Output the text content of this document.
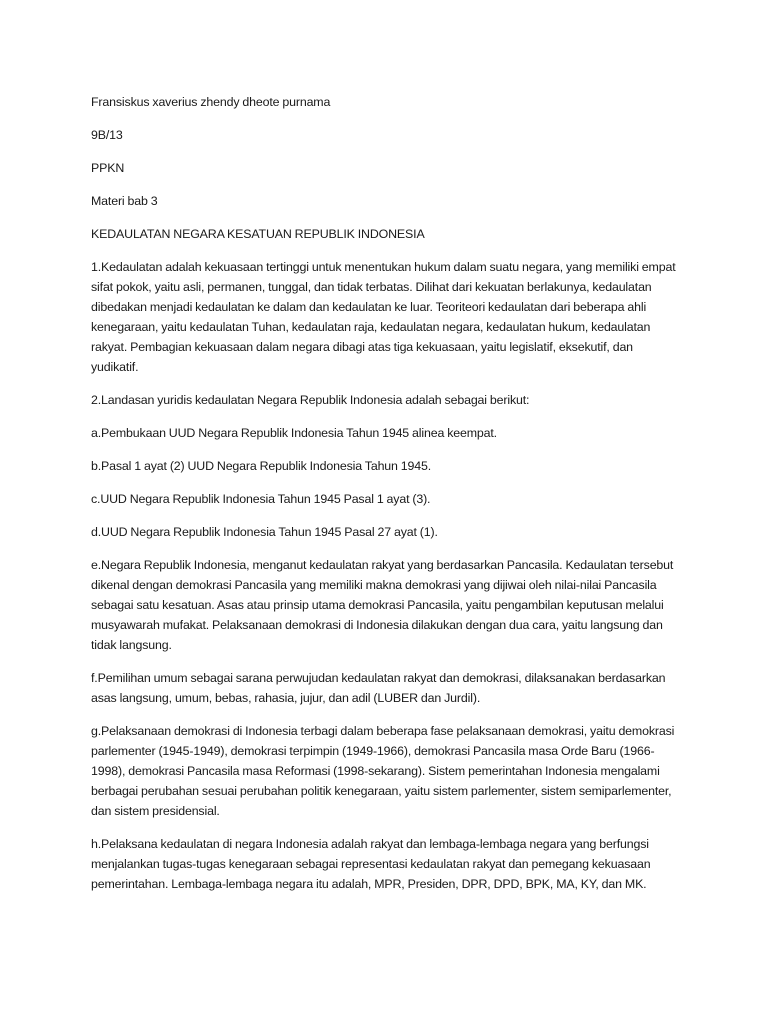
Fransiskus xaverius zhendy dheote purnama

9B/13

PPKN

Materi bab 3

KEDAULATAN NEGARA KESATUAN REPUBLIK INDONESIA

1.Kedaulatan adalah kekuasaan tertinggi untuk menentukan hukum dalam suatu negara, yang memiliki empat sifat pokok, yaitu asli, permanen, tunggal, dan tidak terbatas. Dilihat dari kekuatan berlakunya, kedaulatan dibedakan menjadi kedaulatan ke dalam dan kedaulatan ke luar. Teoriteori kedaulatan dari beberapa ahli kenegaraan, yaitu kedaulatan Tuhan, kedaulatan raja, kedaulatan negara, kedaulatan hukum, kedaulatan rakyat. Pembagian kekuasaan dalam negara dibagi atas tiga kekuasaan, yaitu legislatif, eksekutif, dan yudikatif.

2.Landasan yuridis kedaulatan Negara Republik Indonesia adalah sebagai berikut:

a.Pembukaan UUD Negara Republik Indonesia Tahun 1945 alinea keempat.

b.Pasal 1 ayat (2) UUD Negara Republik Indonesia Tahun 1945.

c.UUD Negara Republik Indonesia Tahun 1945 Pasal 1 ayat (3).

d.UUD Negara Republik Indonesia Tahun 1945 Pasal 27 ayat (1).

e.Negara Republik Indonesia, menganut kedaulatan rakyat yang berdasarkan Pancasila. Kedaulatan tersebut dikenal dengan demokrasi Pancasila yang memiliki makna demokrasi yang dijiwai oleh nilai-nilai Pancasila sebagai satu kesatuan. Asas atau prinsip utama demokrasi Pancasila, yaitu pengambilan keputusan melalui musyawarah mufakat. Pelaksanaan demokrasi di Indonesia dilakukan dengan dua cara, yaitu langsung dan tidak langsung.

f.Pemilihan umum sebagai sarana perwujudan kedaulatan rakyat dan demokrasi, dilaksanakan berdasarkan asas langsung, umum, bebas, rahasia, jujur, dan adil (LUBER dan Jurdil).

g.Pelaksanaan demokrasi di Indonesia terbagi dalam beberapa fase pelaksanaan demokrasi, yaitu demokrasi parlementer (1945-1949), demokrasi terpimpin (1949-1966), demokrasi Pancasila masa Orde Baru (1966-1998), demokrasi Pancasila masa Reformasi (1998-sekarang). Sistem pemerintahan Indonesia mengalami berbagai perubahan sesuai perubahan politik kenegaraan, yaitu sistem parlementer, sistem semiparlementer, dan sistem presidensial.

h.Pelaksana kedaulatan di negara Indonesia adalah rakyat dan lembaga-lembaga negara yang berfungsi menjalankan tugas-tugas kenegaraan sebagai representasi kedaulatan rakyat dan pemegang kekuasaan pemerintahan. Lembaga-lembaga negara itu adalah, MPR, Presiden, DPR, DPD, BPK, MA, KY, dan MK.
